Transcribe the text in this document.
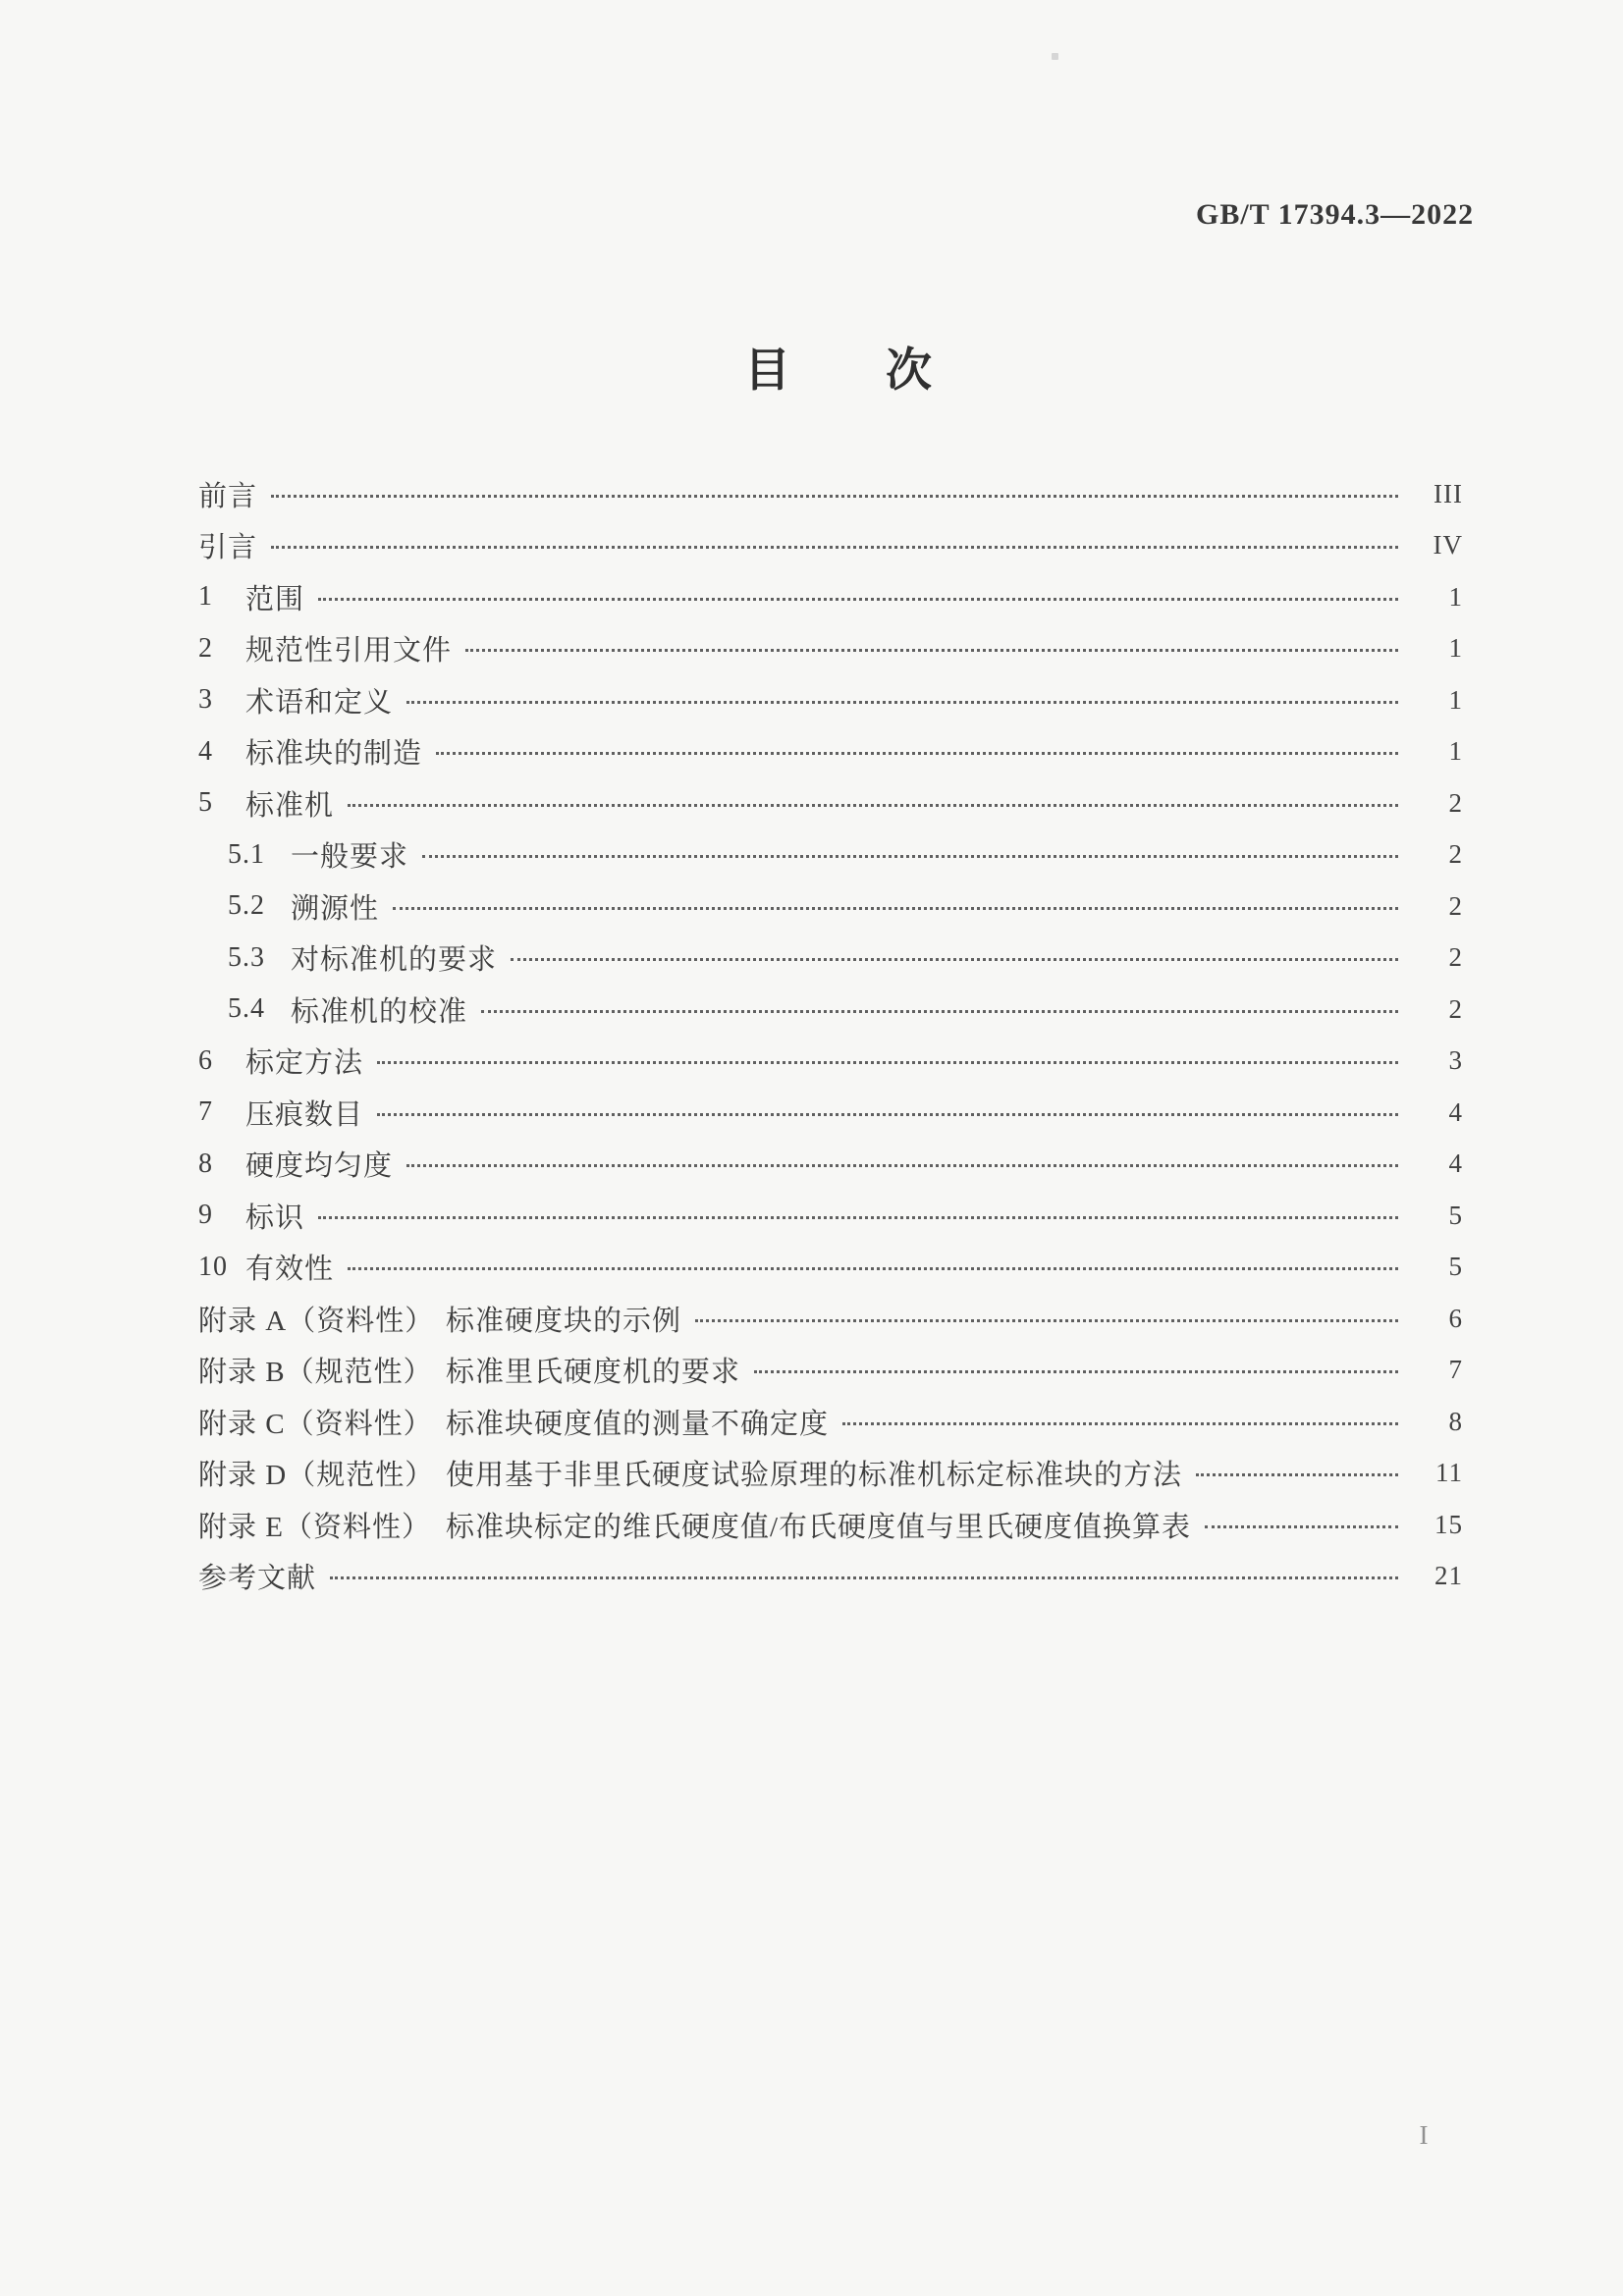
GB/T 17394.3—2022
目次
前言	III
引言	IV
1	范围	1
2	规范性引用文件	1
3	术语和定义	1
4	标准块的制造	1
5	标准机	2
5.1 一般要求	2
5.2 溯源性	2
5.3 对标准机的要求	2
5.4 标准机的校准	2
6	标定方法	3
7	压痕数目	4
8	硬度均匀度	4
9	标识	5
10 有效性	5
附录 A（资料性） 标准硬度块的示例	6
附录 B（规范性） 标准里氏硬度机的要求	7
附录 C（资料性） 标准块硬度值的测量不确定度	8
附录 D（规范性） 使用基于非里氏硬度试验原理的标准机标定标准块的方法	11
附录 E（资料性） 标准块标定的维氏硬度值/布氏硬度值与里氏硬度值换算表	15
参考文献	21
I
